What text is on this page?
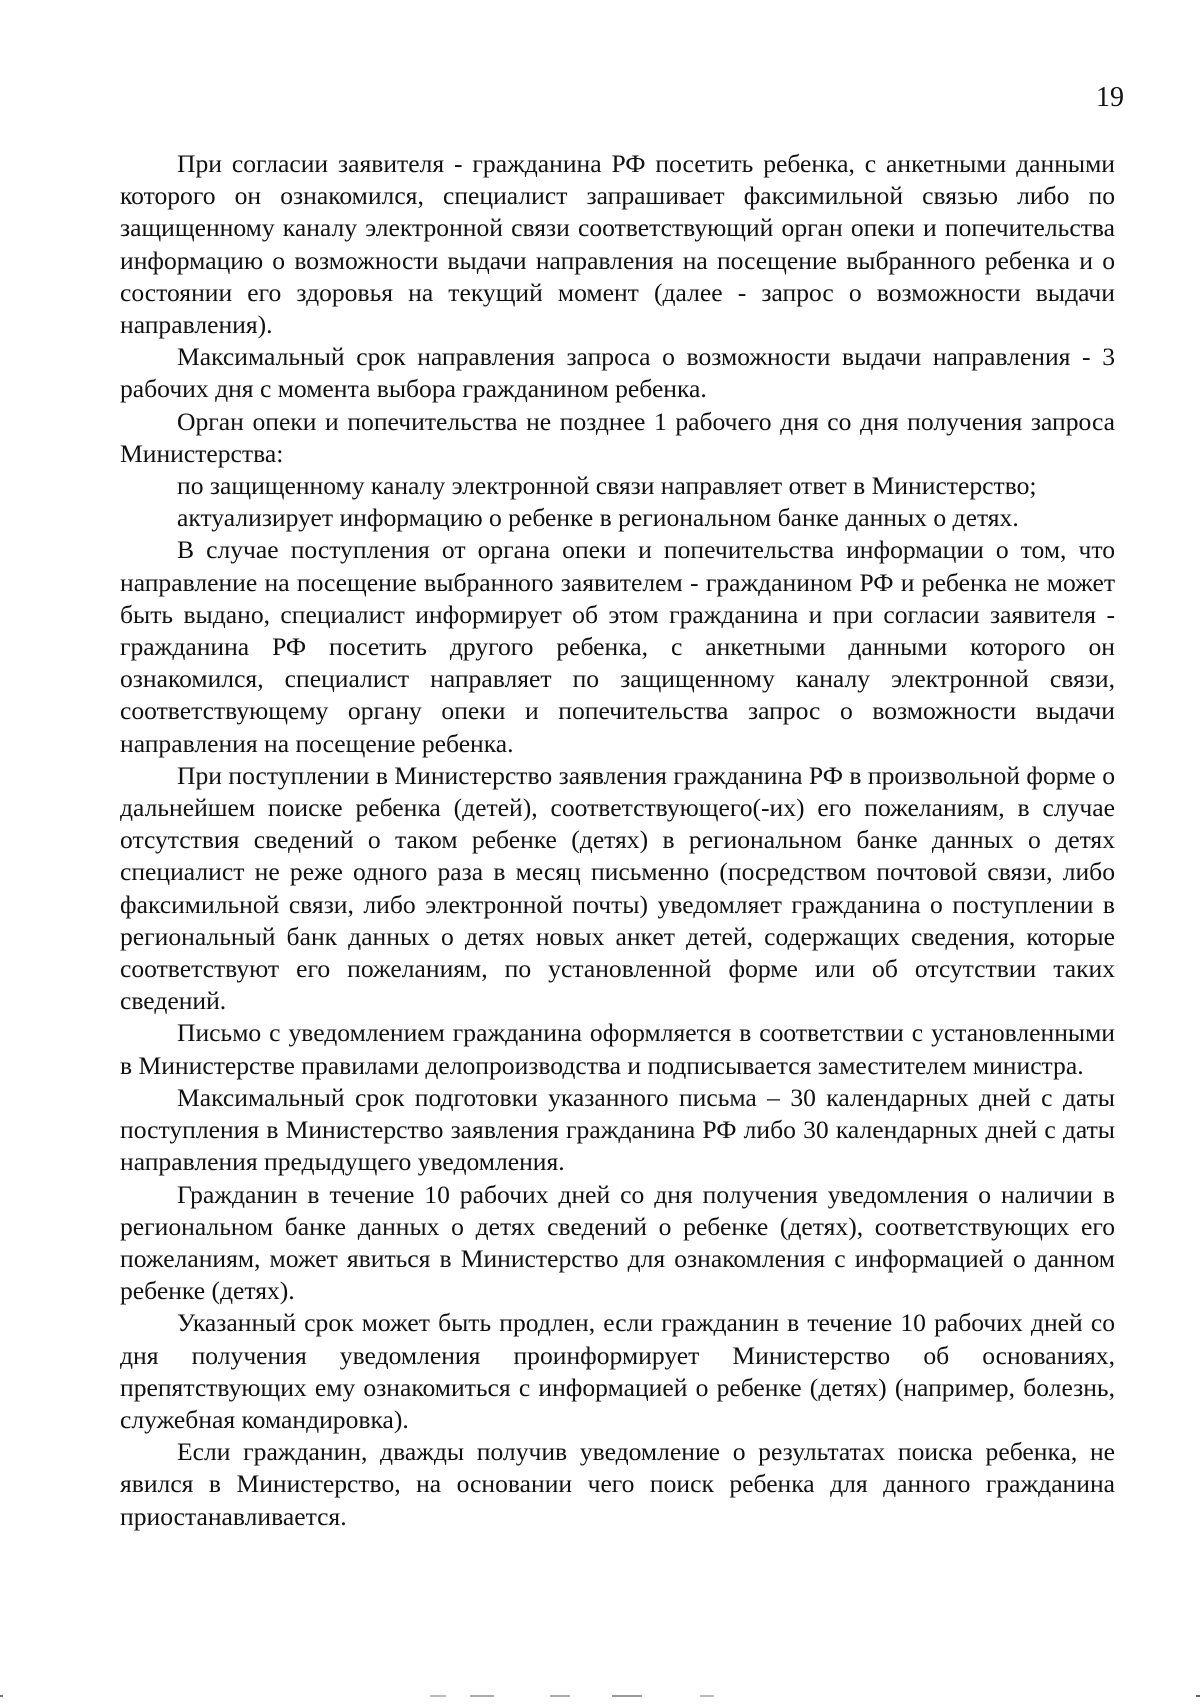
19

При согласии заявителя - гражданина РФ посетить ребенка, с анкетными данными которого он ознакомился, специалист запрашивает факсимильной связью либо по защищенному каналу электронной связи соответствующий орган опеки и попечительства информацию о возможности выдачи направления на посещение выбранного ребенка и о состоянии его здоровья на текущий момент (далее - запрос о возможности выдачи направления).

Максимальный срок направления запроса о возможности выдачи направления - 3 рабочих дня с момента выбора гражданином ребенка.

Орган опеки и попечительства не позднее 1 рабочего дня со дня получения запроса Министерства:

по защищенному каналу электронной связи направляет ответ в Министерство;

актуализирует информацию о ребенке в региональном банке данных о детях.

В случае поступления от органа опеки и попечительства информации о том, что направление на посещение выбранного заявителем - гражданином РФ и ребенка не может быть выдано, специалист информирует об этом гражданина и при согласии заявителя - гражданина РФ посетить другого ребенка, с анкетными данными которого он ознакомился, специалист направляет по защищенному каналу электронной связи, соответствующему органу опеки и попечительства запрос о возможности выдачи направления на посещение ребенка.

При поступлении в Министерство заявления гражданина РФ в произвольной форме о дальнейшем поиске ребенка (детей), соответствующего(-их) его пожеланиям, в случае отсутствия сведений о таком ребенке (детях) в региональном банке данных о детях специалист не реже одного раза в месяц письменно (посредством почтовой связи, либо факсимильной связи, либо электронной почты) уведомляет гражданина о поступлении в региональный банк данных о детях новых анкет детей, содержащих сведения, которые соответствуют его пожеланиям, по установленной форме или об отсутствии таких сведений.

Письмо с уведомлением гражданина оформляется в соответствии с установленными в Министерстве правилами делопроизводства и подписывается заместителем министра.

Максимальный срок подготовки указанного письма – 30 календарных дней с даты поступления в Министерство заявления гражданина РФ либо 30 календарных дней с даты направления предыдущего уведомления.

Гражданин в течение 10 рабочих дней со дня получения уведомления о наличии в региональном банке данных о детях сведений о ребенке (детях), соответствующих его пожеланиям, может явиться в Министерство для ознакомления с информацией о данном ребенке (детях).

Указанный срок может быть продлен, если гражданин в течение 10 рабочих дней со дня получения уведомления проинформирует Министерство об основаниях, препятствующих ему ознакомиться с информацией о ребенке (детях) (например, болезнь, служебная командировка).

Если гражданин, дважды получив уведомление о результатах поиска ребенка, не явился в Министерство, на основании чего поиск ребенка для данного гражданина приостанавливается.
